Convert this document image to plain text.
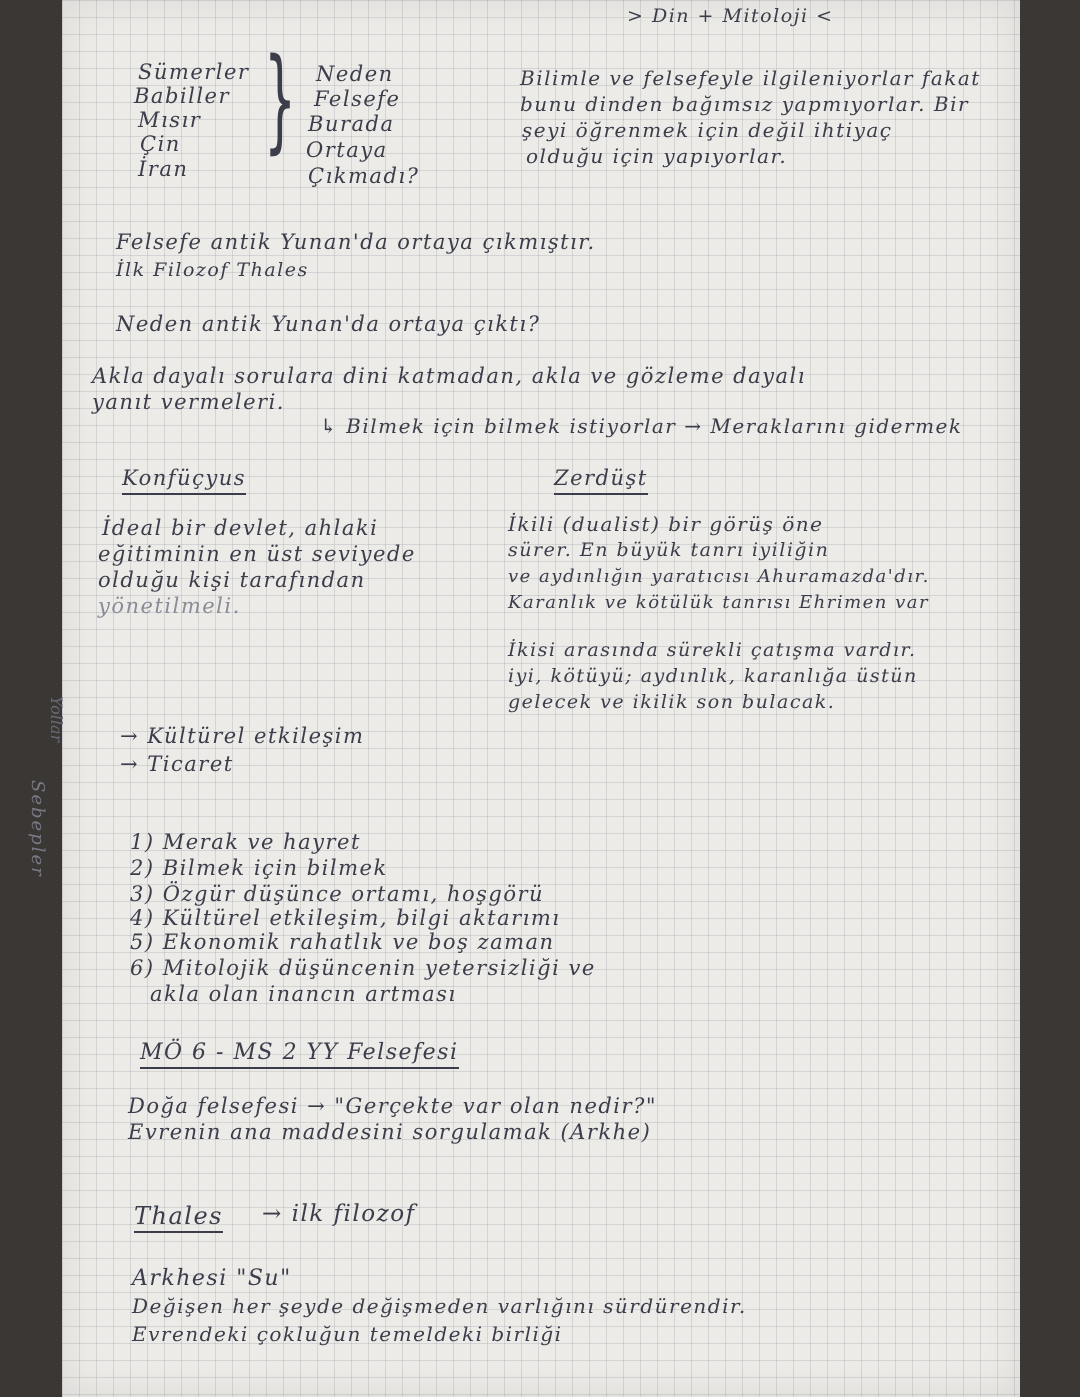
> Din + Mitoloji <

Sümerler

Babiller

Mısır

Çin

İran

} Neden

Felsefe

Burada

Ortaya

Çıkmadı?

Bilimle ve felsefeyle ilgileniyorlar fakat

bunu dinden bağımsız yapmıyorlar. Bir

şeyi öğrenmek için değil ihtiyaç

olduğu için yapıyorlar.

Felsefe antik Yunan'da ortaya çıkmıştır.

İlk Filozof Thales

Neden antik Yunan'da ortaya çıktı?

Akla dayalı sorulara dini katmadan, akla ve gözleme dayalı

yanıt vermeleri.

↳ Bilmek için bilmek istiyorlar → Meraklarını gidermek

Konfüçyus

İdeal bir devlet, ahlaki

eğitiminin en üst seviyede

olduğu kişi tarafından

yönetilmeli.

Zerdüşt

İkili (dualist) bir görüş öne

sürer. En büyük tanrı iyiliğin

ve aydınlığın yaratıcısı Ahuramazda'dır.

Karanlık ve kötülük tanrısı Ehrimen var

İkisi arasında sürekli çatışma vardır.

iyi, kötüyü; aydınlık, karanlığa üstün

gelecek ve ikilik son bulacak.

Yollar
Sebepler

→ Kültürel etkileşim

→ Ticaret

1) Merak ve hayret

2) Bilmek için bilmek

3) Özgür düşünce ortamı, hoşgörü

4) Kültürel etkileşim, bilgi aktarımı

5) Ekonomik rahatlık ve boş zaman

6) Mitolojik düşüncenin yetersizliği ve

akla olan inancın artması

MÖ 6 - MS 2 YY Felsefesi

Doğa felsefesi → "Gerçekte var olan nedir?"

Evrenin ana maddesini sorgulamak (Arkhe)

Thales → ilk filozof

Arkhesi "Su"

Değişen her şeyde değişmeden varlığını sürdürendir.

Evrendeki çokluğun temeldeki birliği
